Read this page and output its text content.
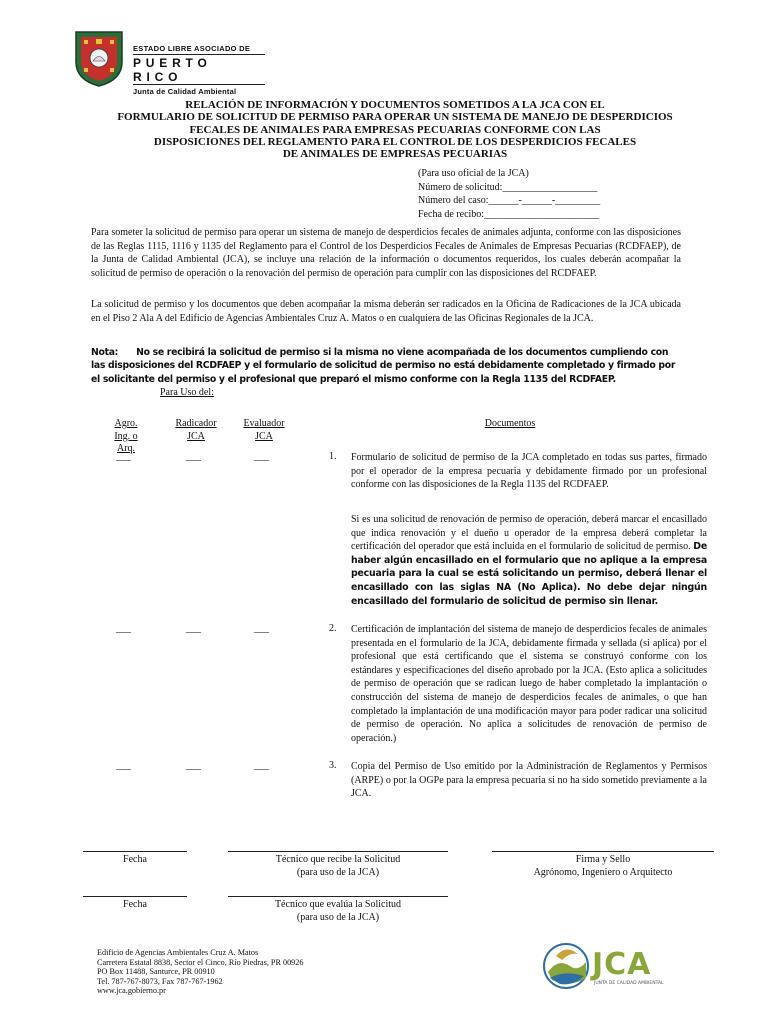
ESTADO LIBRE ASOCIADO DE
PUERTO RICO
Junta de Calidad Ambiental
RELACIÓN DE INFORMACIÓN Y DOCUMENTOS SOMETIDOS A LA JCA CON EL
FORMULARIO DE SOLICITUD DE PERMISO PARA OPERAR UN SISTEMA DE MANEJO DE DESPERDICIOS
FECALES DE ANIMALES PARA EMPRESAS PECUARIAS CONFORME CON LAS
DISPOSICIONES DEL REGLAMENTO PARA EL CONTROL DE LOS DESPERDICIOS FECALES
DE ANIMALES DE EMPRESAS PECUARIAS
(Para uso oficial de la JCA)
Número de solicitud:___________________
Número del caso:______-______-_________
Fecha de recibo:_______________________
Para someter la solicitud de permiso para operar un sistema de manejo de desperdicios fecales de animales adjunta, conforme con las disposiciones de las Reglas 1115, 1116 y 1135 del Reglamento para el Control de los Desperdicios Fecales de Animales de Empresas Pecuarias (RCDFAEP), de la Junta de Calidad Ambiental (JCA), se incluye una relación de la información o documentos requeridos, los cuales deberán acompañar la solicitud de permiso de operación o la renovación del permiso de operación para cumplir con las disposiciones del RCDFAEP.
La solicitud de permiso y los documentos que deben acompañar la misma deberán ser radicados en la Oficina de Radicaciones de la JCA ubicada en el Piso 2 Ala A del Edificio de Agencias Ambientales Cruz A. Matos o en cualquiera de las Oficinas Regionales de la JCA.
Nota: No se recibirá la solicitud de permiso si la misma no viene acompañada de los documentos cumpliendo con las disposiciones del RCDFAEP y el formulario de solicitud de permiso no está debidamente completado y firmado por el solicitante del permiso y el profesional que preparó el mismo conforme con la Regla 1135 del RCDFAEP.
Para Uso del:
Agro.
Ing. o
Arq.
Radicador
JCA
Evaluador
JCA
Documentos
___	___	___	1. Formulario de solicitud de permiso de la JCA completado en todas sus partes, firmado por el operador de la empresa pecuaria y debidamente firmado por un profesional conforme con las disposiciones de la Regla 1135 del RCDFAEP.
Si es una solicitud de renovación de permiso de operación, deberá marcar el encasillado que indica renovación y el dueño u operador de la empresa deberá completar la certificación del operador que está incluida en el formulario de solicitud de permiso. De haber algún encasillado en el formulario que no aplique a la empresa pecuaria para la cual se está solicitando un permiso, deberá llenar el encasillado con las siglas NA (No Aplica). No debe dejar ningún encasillado del formulario de solicitud de permiso sin llenar.
___	___	___	2. Certificación de implantación del sistema de manejo de desperdicios fecales de animales presentada en el formulario de la JCA, debidamente firmada y sellada (si aplica) por el profesional que está certificando que el sistema se construyó conforme con los estándares y especificaciones del diseño aprobado por la JCA. (Esto aplica a solicitudes de permiso de operación que se radican luego de haber completado la implantación o construcción del sistema de manejo de desperdicios fecales de animales, o que han completado la implantación de una modificación mayor para poder radicar una solicitud de permiso de operación. No aplica a solicitudes de renovación de permiso de operación.)
___	___	___	3. Copia del Permiso de Uso emitido por la Administración de Reglamentos y Permisos (ARPE) o por la OGPe para la empresa pecuaria si no ha sido sometido previamente a la JCA.
Fecha	Técnico que recibe la Solicitud
(para uso de la JCA)
Firma y Sello
Agrónomo, Ingeniero o Arquitecto
Fecha	Técnico que evalúa la Solicitud
(para uso de la JCA)
Edificio de Agencias Ambientales Cruz A. Matos
Carretera Estatal 8838, Sector el Cinco, Río Piedras, PR 00926
PO Box 11488, Santurce, PR 00910
Tel. 787-767-8073, Fax 787-767-1962
www.jca.gobierno.pr
JCA
JUNTA DE CALIDAD AMBIENTAL
